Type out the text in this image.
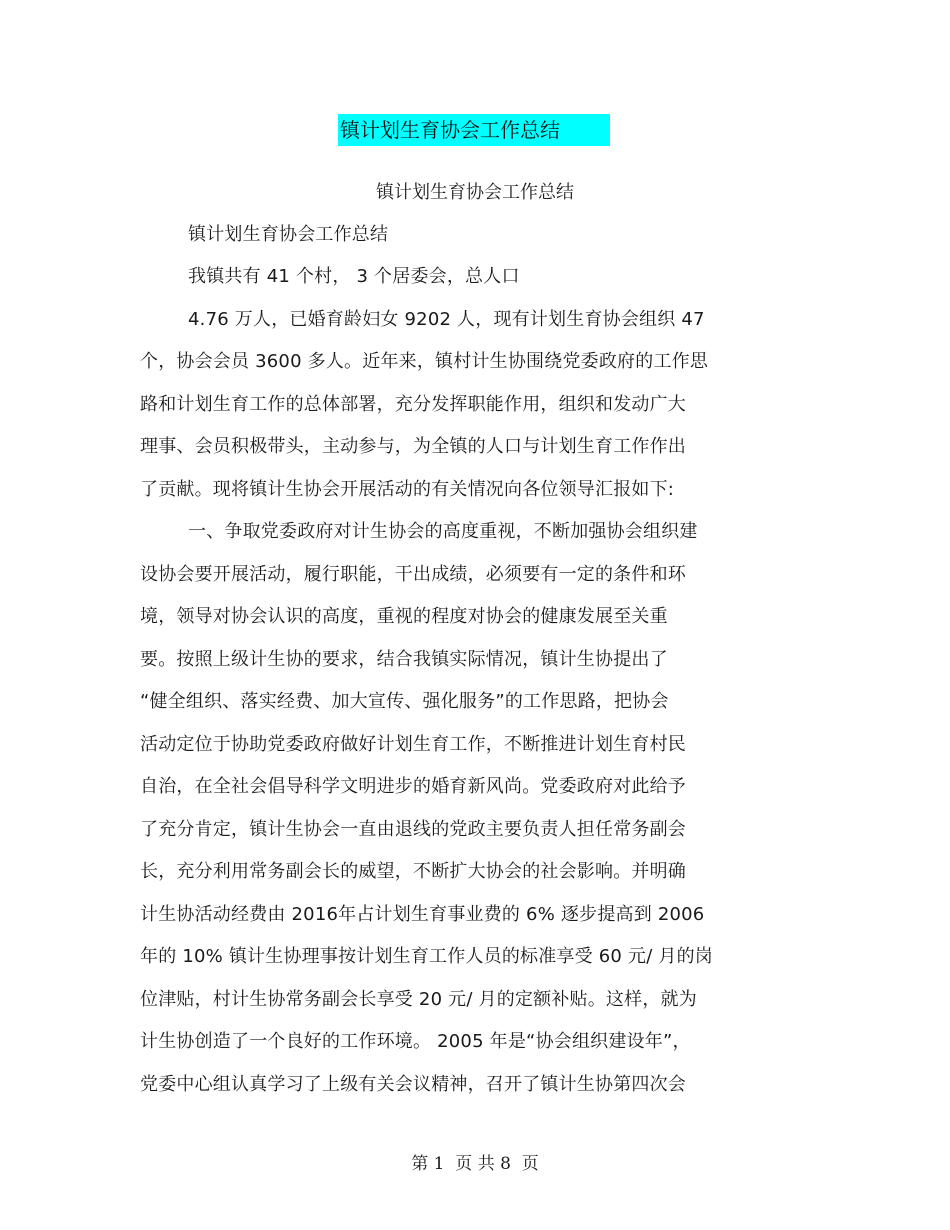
镇计划生育协会工作总结
镇计划生育协会工作总结
镇计划生育协会工作总结
我镇共有 41 个村， 3 个居委会，总人口
4.76 万人，已婚育龄妇女 9202 人，现有计划生育协会组织 47
个，协会会员 3600 多人。近年来，镇村计生协围绕党委政府的工作思
路和计划生育工作的总体部署，充分发挥职能作用，组织和发动广大
理事、会员积极带头，主动参与，为全镇的人口与计划生育工作作出
了贡献。现将镇计生协会开展活动的有关情况向各位领导汇报如下:
一、争取党委政府对计生协会的高度重视，不断加强协会组织建
设协会要开展活动，履行职能，干出成绩，必须要有一定的条件和环
境，领导对协会认识的高度，重视的程度对协会的健康发展至关重
要。按照上级计生协的要求，结合我镇实际情况，镇计生协提出了
“健全组织、落实经费、加大宣传、强化服务”的工作思路，把协会
活动定位于协助党委政府做好计划生育工作，不断推进计划生育村民
自治，在全社会倡导科学文明进步的婚育新风尚。党委政府对此给予
了充分肯定，镇计生协会一直由退线的党政主要负责人担任常务副会
长，充分利用常务副会长的威望，不断扩大协会的社会影响。并明确
计生协活动经费由 2016年占计划生育事业费的 6% 逐步提高到 2006
年的 10% 镇计生协理事按计划生育工作人员的标准享受 60 元/ 月的岗
位津贴，村计生协常务副会长享受 20 元/ 月的定额补贴。这样，就为
计生协创造了一个良好的工作环境。 2005 年是“协会组织建设年”，
党委中心组认真学习了上级有关会议精神，召开了镇计生协第四次会
第 1  页 共 8  页
